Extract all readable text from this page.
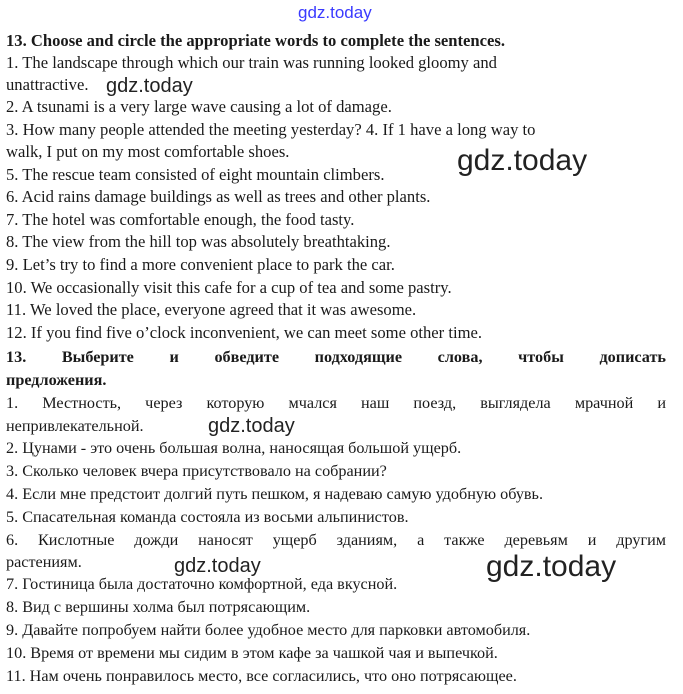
gdz.today
13. Choose and circle the appropriate words to complete the sentences.
1. The landscape through which our train was running looked gloomy and
unattractive. gdz.today
2. A tsunami is a very large wave causing a lot of damage.
3. How many people attended the meeting yesterday? 4. If 1 have a long way to
walk, I put on my most comfortable shoes.	gdz.today
5. The rescue team consisted of eight mountain climbers.
6. Acid rains damage buildings as well as trees and other plants.
7. The hotel was comfortable enough, the food tasty.
8. The view from the hill top was absolutely breathtaking.
9. Let’s try to find a more convenient place to park the car.
10. We occasionally visit this cafe for a cup of tea and some pastry.
11. We loved the place, everyone agreed that it was awesome.
12. If you find five o’clock inconvenient, we can meet some other time.
13. Выберите и обведите подходящие слова, чтобы дописать
предложения.
1. Местность, через которую мчался наш поезд, выглядела мрачной и
непривлекательной.	gdz.today
2. Цунами - это очень большая волна, наносящая большой ущерб.
3. Сколько человек вчера присутствовало на собрании?
4. Если мне предстоит долгий путь пешком, я надеваю самую удобную обувь.
5. Спасательная команда состояла из восьми альпинистов.
6. Кислотные дожди наносят ущерб зданиям, а также деревьям и другим
растениям.	gdz.today	gdz.today
7. Гостиница была достаточно комфортной, еда вкусной.
8. Вид с вершины холма был потрясающим.
9. Давайте попробуем найти более удобное место для парковки автомобиля.
10. Время от времени мы сидим в этом кафе за чашкой чая и выпечкой.
11. Нам очень понравилось место, все согласились, что оно потрясающее.
